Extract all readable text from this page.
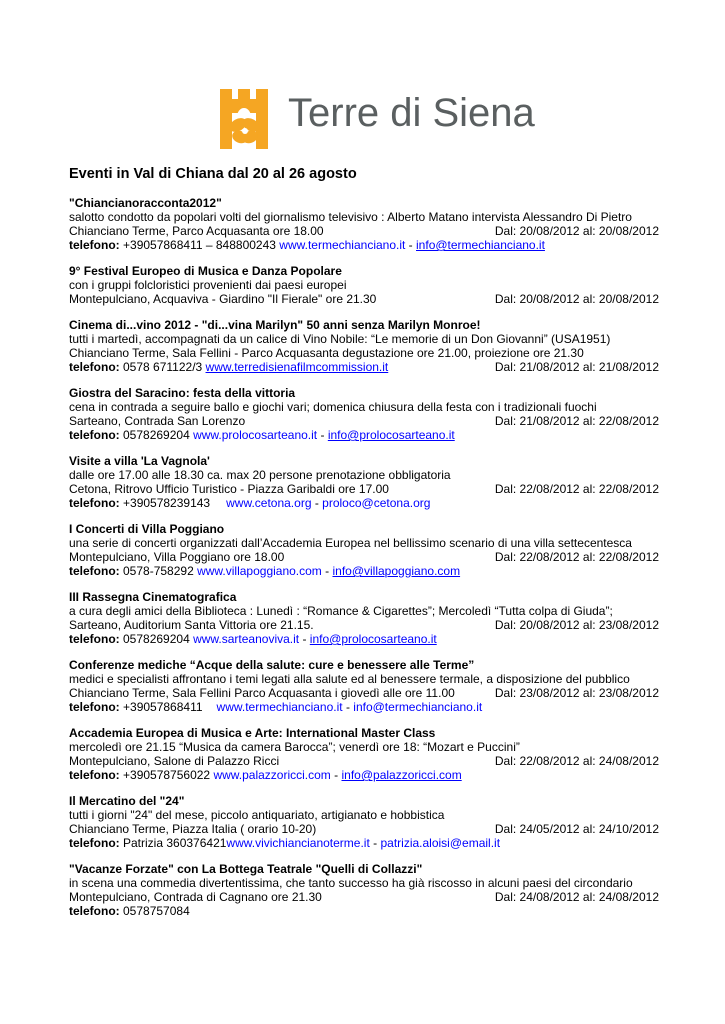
Terre di Siena
Eventi in Val di Chiana dal 20 al 26 agosto
"Chiancianoracconta2012"
salotto condotto da popolari volti del giornalismo televisivo : Alberto Matano intervista Alessandro Di Pietro
Chianciano Terme, Parco Acquasanta ore 18.00	Dal: 20/08/2012 al: 20/08/2012
telefono: +39057868411 – 848800243 www.termechianciano.it - info@termechianciano.it
9° Festival Europeo di Musica e Danza Popolare
con i gruppi folcloristici provenienti dai paesi europei
Montepulciano, Acquaviva - Giardino "Il Fierale" ore 21.30	Dal: 20/08/2012 al: 20/08/2012
Cinema di...vino 2012 - "di...vina Marilyn" 50 anni senza Marilyn Monroe!
tutti i martedì, accompagnati da un calice di Vino Nobile: “Le memorie di un Don Giovanni” (USA1951)
Chianciano Terme, Sala Fellini - Parco Acquasanta degustazione ore 21.00, proiezione ore 21.30
telefono: 0578 671122/3 www.terredisienafilmcommission.it	Dal: 21/08/2012 al: 21/08/2012
Giostra del Saracino: festa della vittoria
cena in contrada a seguire ballo e giochi vari; domenica chiusura della festa con i tradizionali fuochi
Sarteano, Contrada San Lorenzo	Dal: 21/08/2012 al: 22/08/2012
telefono: 0578269204 www.prolocosarteano.it - info@prolocosarteano.it
Visite a villa 'La Vagnola'
dalle ore 17.00 alle 18.30 ca. max 20 persone prenotazione obbligatoria
Cetona, Ritrovo Ufficio Turistico - Piazza Garibaldi ore 17.00	Dal: 22/08/2012 al: 22/08/2012
telefono: +390578239143 www.cetona.org - proloco@cetona.org
I Concerti di Villa Poggiano
una serie di concerti organizzati dall’Accademia Europea nel bellissimo scenario di una villa settecentesca
Montepulciano, Villa Poggiano ore 18.00	Dal: 22/08/2012 al: 22/08/2012
telefono: 0578-758292 www.villapoggiano.com - info@villapoggiano.com
III Rassegna Cinematografica
a cura degli amici della Biblioteca : Lunedì : “Romance & Cigarettes”; Mercoledì “Tutta colpa di Giuda”;
Sarteano, Auditorium Santa Vittoria ore 21.15.	Dal: 20/08/2012 al: 23/08/2012
telefono: 0578269204 www.sarteanoviva.it - info@prolocosarteano.it
Conferenze mediche “Acque della salute: cure e benessere alle Terme”
medici e specialisti affrontano i temi legati alla salute ed al benessere termale, a disposizione del pubblico
Chianciano Terme, Sala Fellini Parco Acquasanta i giovedì alle ore 11.00	Dal: 23/08/2012 al: 23/08/2012
telefono: +39057868411 www.termechianciano.it - info@termechianciano.it
Accademia Europea di Musica e Arte: International Master Class
mercoledì ore 21.15 “Musica da camera Barocca”; venerdì ore 18: “Mozart e Puccini”
Montepulciano, Salone di Palazzo Ricci	Dal: 22/08/2012 al: 24/08/2012
telefono: +390578756022 www.palazzoricci.com - info@palazzoricci.com
Il Mercatino del "24"
tutti i giorni "24" del mese, piccolo antiquariato, artigianato e hobbistica
Chianciano Terme, Piazza Italia ( orario 10-20)	Dal: 24/05/2012 al: 24/10/2012
telefono: Patrizia 360376421www.vivichiancianoterme.it - patrizia.aloisi@email.it
"Vacanze Forzate" con La Bottega Teatrale "Quelli di Collazzi"
in scena una commedia divertentissima, che tanto successo ha già riscosso in alcuni paesi del circondario
Montepulciano, Contrada di Cagnano ore 21.30	Dal: 24/08/2012 al: 24/08/2012
telefono: 0578757084
